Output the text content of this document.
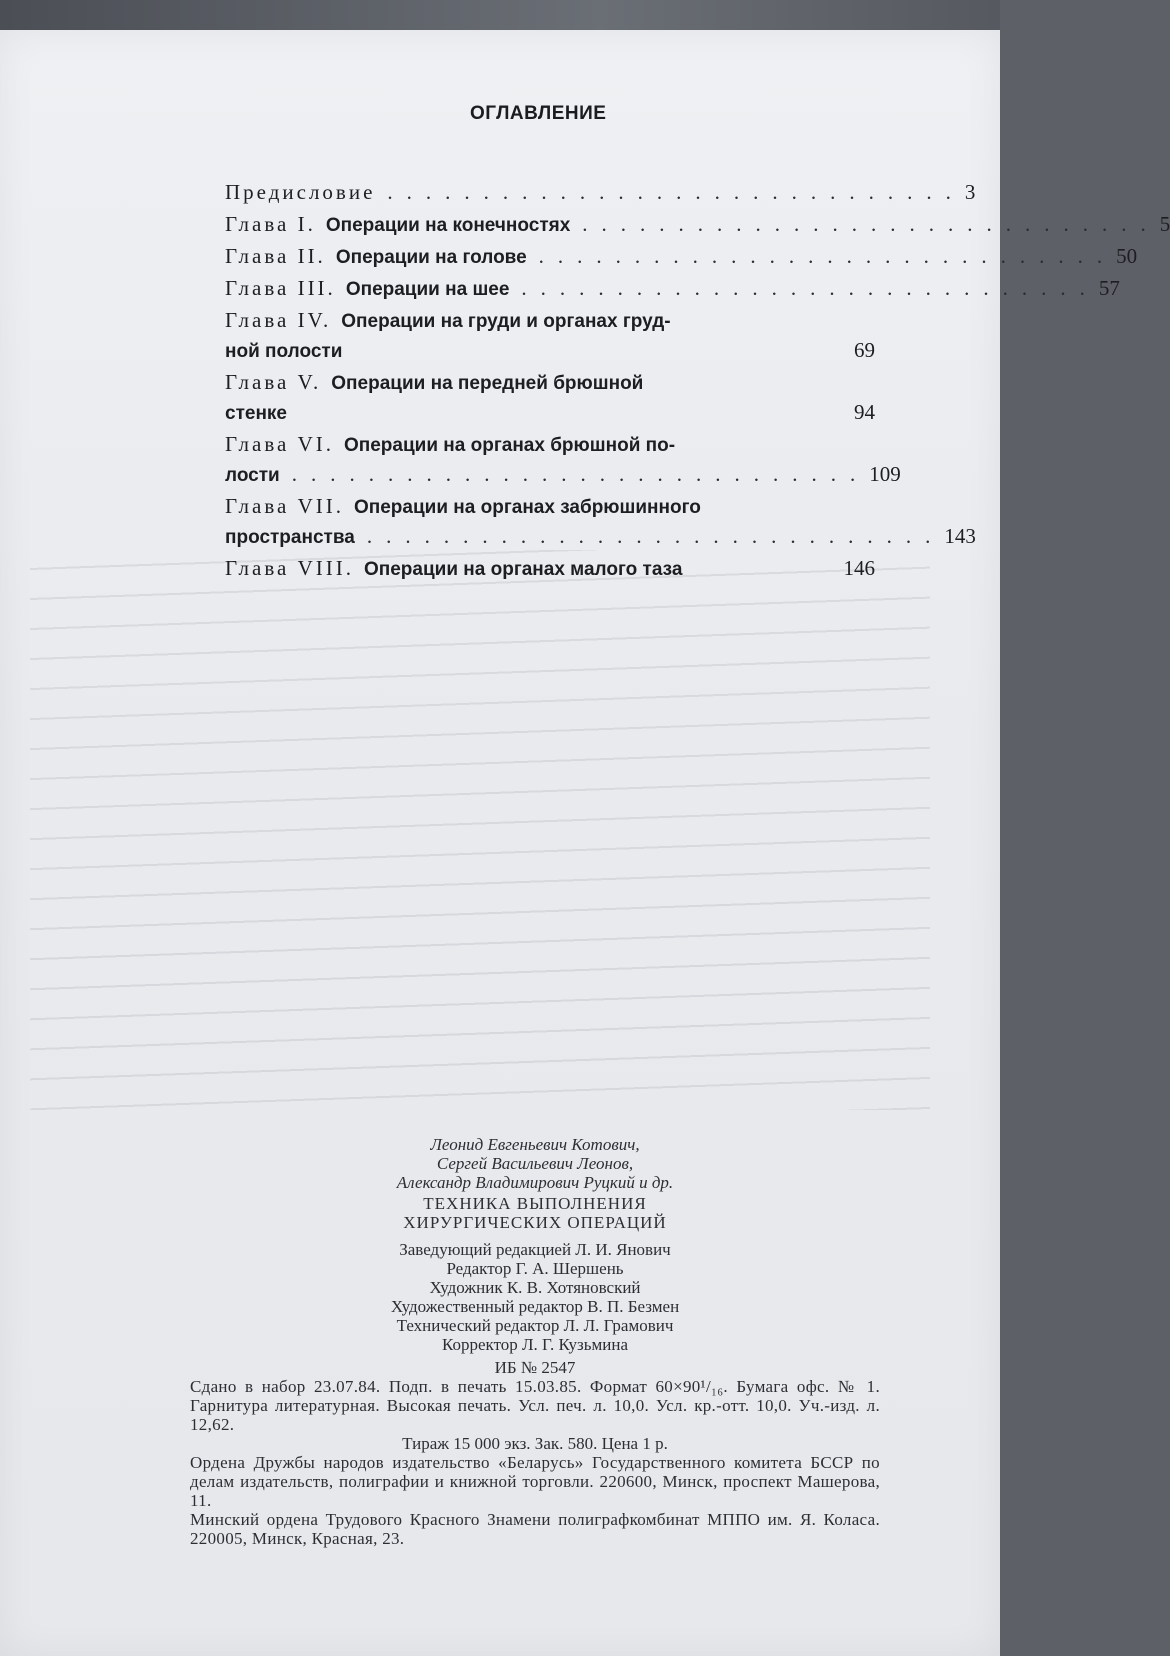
ОГЛАВЛЕНИЕ
Предисловие .............................. 3
Глава I. Операции на конечностях .............................. 5
Глава II. Операции на голове .............................. 50
Глава III. Операции на шее .............................. 57
Глава IV. Операции на груди и органах груд-
ной полости	69
Глава V. Операции на передней брюшной
стенке	94
Глава VI. Операции на органах брюшной по-
лости .............................. 109
Глава VII. Операции на органах забрюшинного
пространства .............................. 143
Глава VIII. Операции на органах малого таза	146
Леонид Евгеньевич Котович,
Сергей Васильевич Леонов,
Александр Владимирович Руцкий и др.
ТЕХНИКА ВЫПОЛНЕНИЯ
ХИРУРГИЧЕСКИХ ОПЕРАЦИЙ
Заведующий редакцией Л. И. Янович
Редактор Г. А. Шершень
Художник К. В. Хотяновский
Художественный редактор В. П. Безмен
Технический редактор Л. Л. Грамович
Корректор Л. Г. Кузьмина
ИБ № 2547
Сдано в набор 23.07.84. Подп. в печать 15.03.85. Формат 60×90¹/₁₆. Бумага офс. № 1. Гарнитура литературная. Высокая печать. Усл. печ. л. 10,0. Усл. кр.-отт. 10,0. Уч.-изд. л. 12,62.
Тираж 15 000 экз. Зак. 580. Цена 1 р.
Ордена Дружбы народов издательство «Беларусь» Государственного комитета БССР по делам издательств, полиграфии и книжной торговли. 220600, Минск, проспект Машерова, 11.
Минский ордена Трудового Красного Знамени полиграфкомбинат МППО им. Я. Коласа. 220005, Минск, Красная, 23.
